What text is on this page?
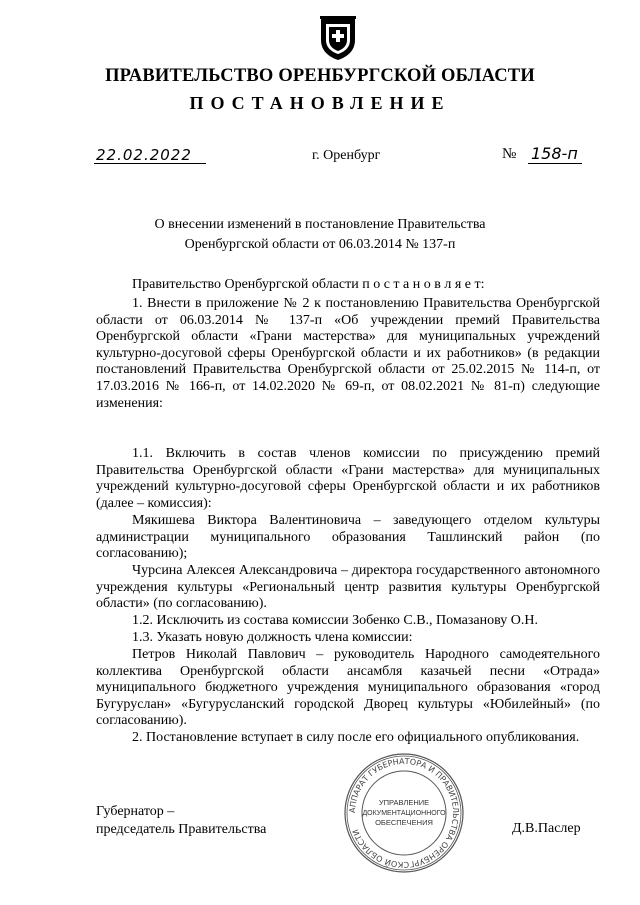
ПРАВИТЕЛЬСТВО ОРЕНБУРГСКОЙ ОБЛАСТИ
ПОСТАНОВЛЕНИЕ
22.02.2022	г. Оренбург	№ 158-п
О внесении изменений в постановление Правительства
Оренбургской области от 06.03.2014 № 137-п

Правительство Оренбургской области п о с т а н о в л я е т:

1. Внести в приложение № 2 к постановлению Правительства Оренбургской области от 06.03.2014 № 137-п «Об учреждении премий Правительства Оренбургской области «Грани мастерства» для муниципальных учреждений культурно-досуговой сферы Оренбургской области и их работников» (в редакции постановлений Правительства Оренбургской области от 25.02.2015 № 114-п, от 17.03.2016 № 166-п, от 14.02.2020 № 69-п, от 08.02.2021 № 81-п) следующие изменения:

1.1. Включить в состав членов комиссии по присуждению премий Правительства Оренбургской области «Грани мастерства» для муниципальных учреждений культурно-досуговой сферы Оренбургской области и их работников (далее – комиссия):

Мякишева Виктора Валентиновича – заведующего отделом культуры администрации муниципального образования Ташлинский район (по согласованию);

Чурсина Алексея Александровича – директора государственного автономного учреждения культуры «Региональный центр развития культуры Оренбургской области» (по согласованию).

1.2. Исключить из состава комиссии Зобенко С.В., Помазанову О.Н.

1.3. Указать новую должность члена комиссии:

Петров Николай Павлович – руководитель Народного самодеятельного коллектива Оренбургской области ансамбля казачьей песни «Отрада» муниципального бюджетного учреждения муниципального образования «город Бугуруслан» «Бугурусланский городской Дворец культуры «Юбилейный» (по согласованию).

2. Постановление вступает в силу после его официального опубликования.

Губернатор –
председатель Правительства	Д.В.Паслер
АППАРАТ ГУБЕРНАТОРА И ПРАВИТЕЛЬСТВА ОРЕНБУРГСКОЙ ОБЛАСТИ
УПРАВЛЕНИЕ
ДОКУМЕНТАЦИОННОГО
ОБЕСПЕЧЕНИЯ
